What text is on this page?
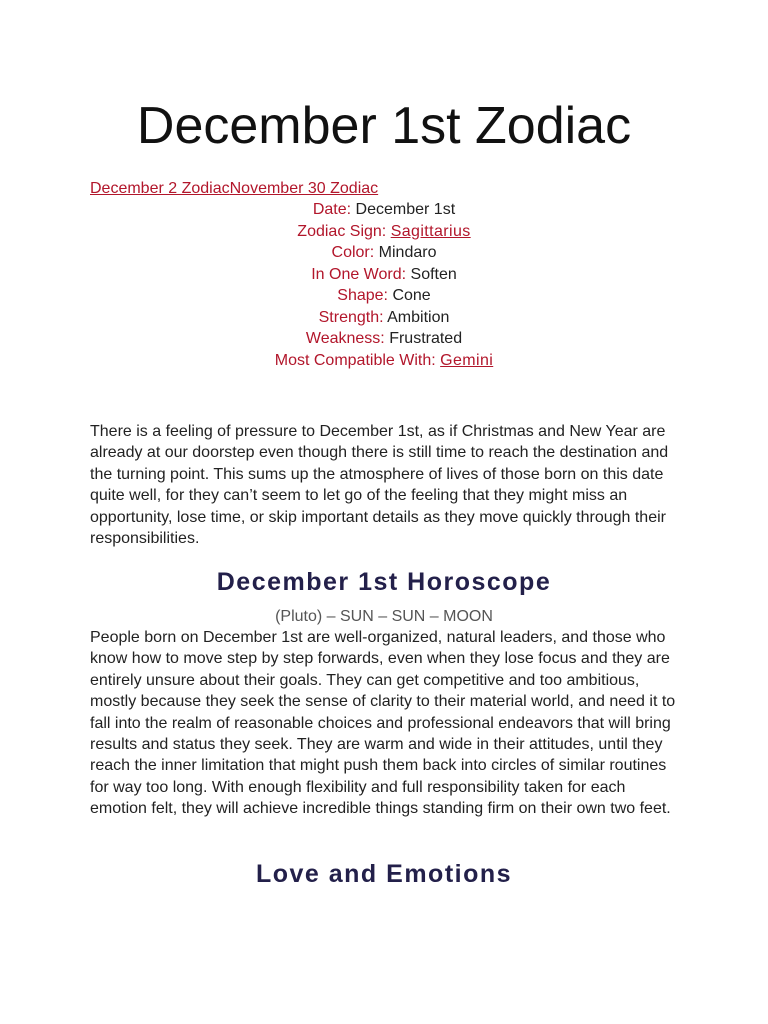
December 1st Zodiac
December 2 ZodiacNovember 30 Zodiac
Date: December 1st
Zodiac Sign: Sagittarius
Color: Mindaro
In One Word: Soften
Shape: Cone
Strength: Ambition
Weakness: Frustrated
Most Compatible With: Gemini

There is a feeling of pressure to December 1st, as if Christmas and New Year are already at our doorstep even though there is still time to reach the destination and the turning point. This sums up the atmosphere of lives of those born on this date quite well, for they can’t seem to let go of the feeling that they might miss an opportunity, lose time, or skip important details as they move quickly through their responsibilities.

December 1st Horoscope
(Pluto) – SUN – SUN – MOON

People born on December 1st are well-organized, natural leaders, and those who know how to move step by step forwards, even when they lose focus and they are entirely unsure about their goals. They can get competitive and too ambitious, mostly because they seek the sense of clarity to their material world, and need it to fall into the realm of reasonable choices and professional endeavors that will bring results and status they seek. They are warm and wide in their attitudes, until they reach the inner limitation that might push them back into circles of similar routines for way too long. With enough flexibility and full responsibility taken for each emotion felt, they will achieve incredible things standing firm on their own two feet.

Love and Emotions
